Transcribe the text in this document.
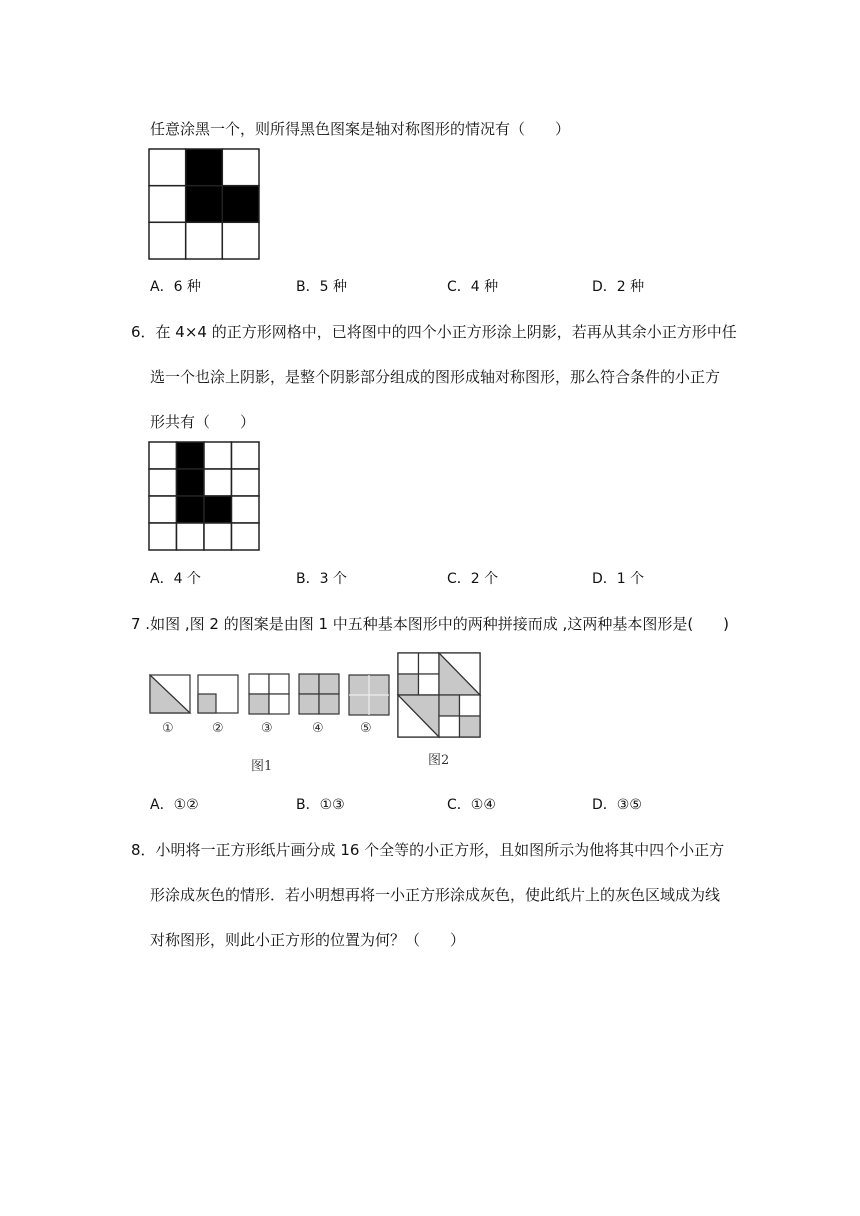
任意涂黑一个，则所得黑色图案是轴对称图形的情况有（　　）
A．6 种	B．5 种	C．4 种	D．2 种
6．在 4×4 的正方形网格中，已将图中的四个小正方形涂上阴影，若再从其余小正方形中任
选一个也涂上阴影，是整个阴影部分组成的图形成轴对称图形，那么符合条件的小正方
形共有（　　）
A．4 个	B．3 个	C．2 个	D．1 个
7 .如图 ,图 2 的图案是由图 1 中五种基本图形中的两种拼接而成 ,这两种基本图形是(　　)
①	②	③	④	⑤
图1	图2
A．①②	B．①③	C．①④	D．③⑤
8．小明将一正方形纸片画分成 16 个全等的小正方形，且如图所示为他将其中四个小正方
形涂成灰色的情形．若小明想再将一小正方形涂成灰色，使此纸片上的灰色区域成为线
对称图形，则此小正方形的位置为何？（　　）
